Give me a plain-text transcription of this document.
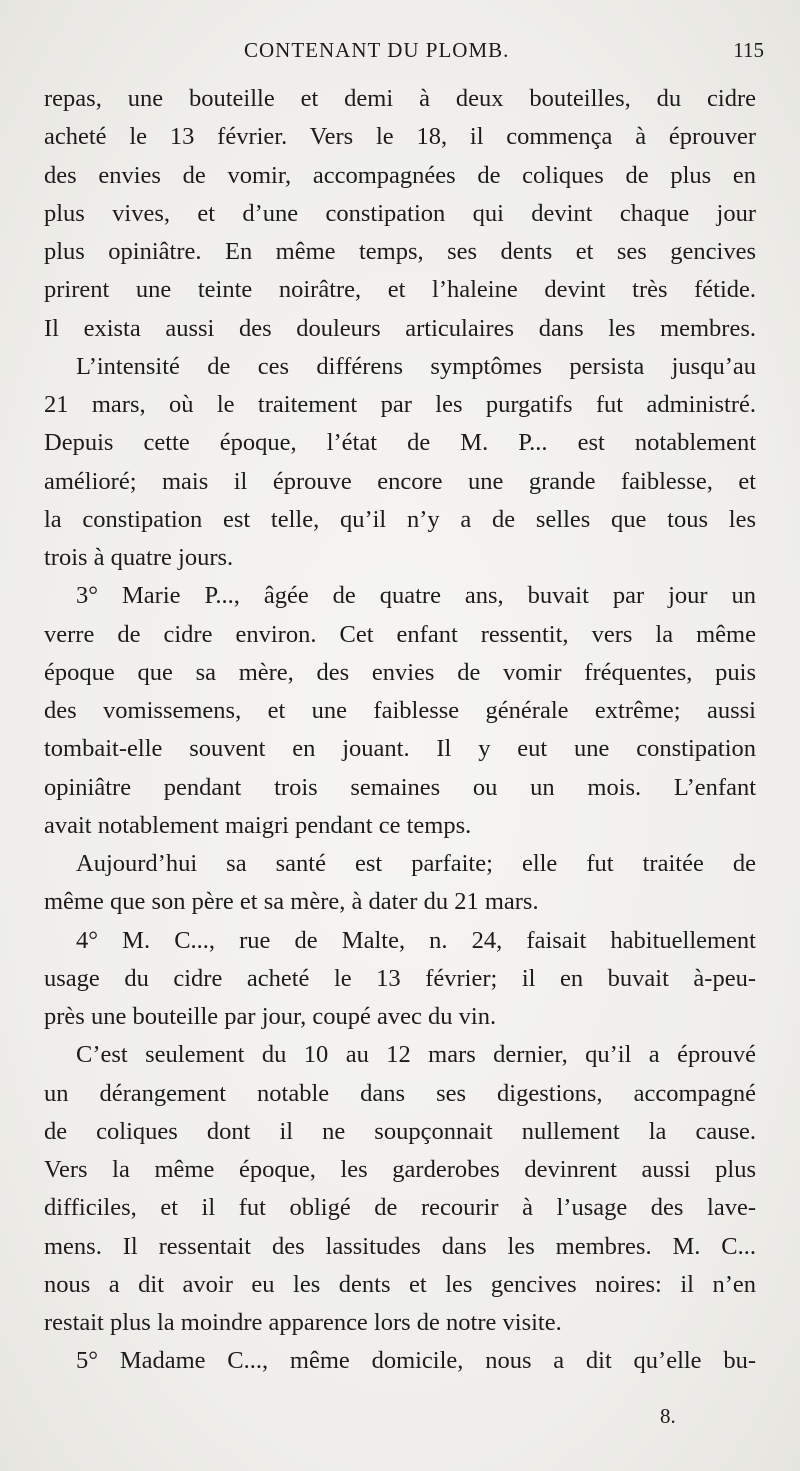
CONTENANT DU PLOMB.	115
repas, une bouteille et demi à deux bouteilles, du cidre
acheté le 13 février. Vers le 18, il commença à éprouver
des envies de vomir, accompagnées de coliques de plus en
plus vives, et d’une constipation qui devint chaque jour
plus opiniâtre. En même temps, ses dents et ses gencives
prirent une teinte noirâtre, et l’haleine devint très fétide.
Il exista aussi des douleurs articulaires dans les membres.
L’intensité de ces différens symptômes persista jusqu’au
21 mars, où le traitement par les purgatifs fut administré.
Depuis cette époque, l’état de M. P... est notablement
amélioré; mais il éprouve encore une grande faiblesse, et
la constipation est telle, qu’il n’y a de selles que tous les
trois à quatre jours.
3° Marie P..., âgée de quatre ans, buvait par jour un
verre de cidre environ. Cet enfant ressentit, vers la même
époque que sa mère, des envies de vomir fréquentes, puis
des vomissemens, et une faiblesse générale extrême; aussi
tombait-elle souvent en jouant. Il y eut une constipation
opiniâtre pendant trois semaines ou un mois. L’enfant
avait notablement maigri pendant ce temps.
Aujourd’hui sa santé est parfaite; elle fut traitée de
même que son père et sa mère, à dater du 21 mars.
4° M. C..., rue de Malte, n. 24, faisait habituellement
usage du cidre acheté le 13 février; il en buvait à-peu-
près une bouteille par jour, coupé avec du vin.
C’est seulement du 10 au 12 mars dernier, qu’il a éprouvé
un dérangement notable dans ses digestions, accompagné
de coliques dont il ne soupçonnait nullement la cause.
Vers la même époque, les garderobes devinrent aussi plus
difficiles, et il fut obligé de recourir à l’usage des lave-
mens. Il ressentait des lassitudes dans les membres. M. C...
nous a dit avoir eu les dents et les gencives noires: il n’en
restait plus la moindre apparence lors de notre visite.
5° Madame C..., même domicile, nous a dit qu’elle bu-
8.
